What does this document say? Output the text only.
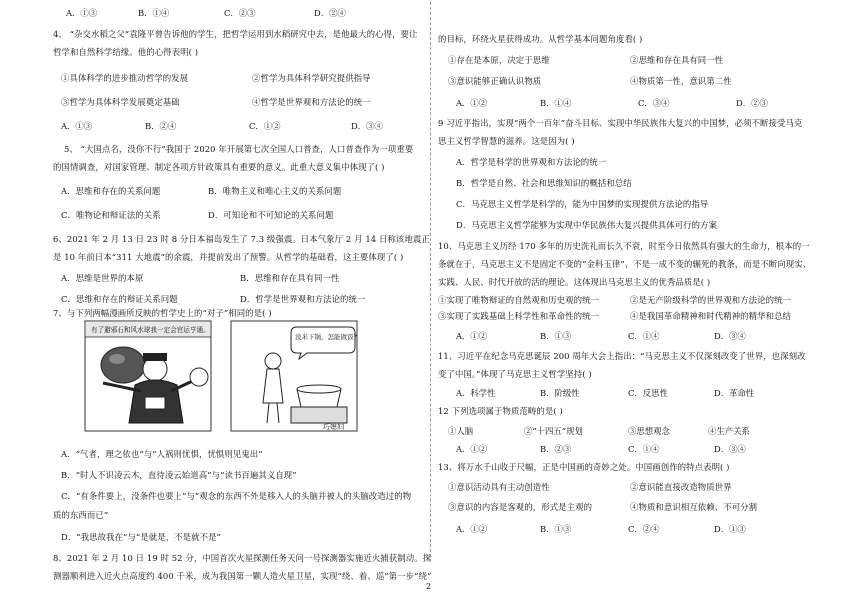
A．①③	B．①④	C．②③	D．②④
4、 “杂交水稻之父”袁隆平曾告诉他的学生，把哲学运用到水稻研究中去，是他最大的心得，要让
哲学和自然科学结缘。他的心得表明( )
①具体科学的进步推动哲学的发展	②哲学为具体科学研究提供指导
③哲学为具体科学发展奠定基础	④哲学是世界观和方法论的统一
A．①③	B．②④	C．①②	D．③④
5、 “大国点名，没你不行”我国于 2020 年开展第七次全国人口普查，人口普查作为一项重要
的国情调查，对国家管理、制定各项方针政策具有重要的意义。此重大意义集中体现了( )
A．思维和存在的关系问题	B．唯物主义和唯心主义的关系问题
C．唯物论和辩证法的关系	D．可知论和不可知论的关系问题
6、2021 年 2 月 13 日 23 时 8 分日本福岛发生了 7.3 级强震。日本气象厅 2 月 14 日称该地震正
是 10 年前日本“311 大地震”的余震，并提前发出了预警。从哲学的基础看，这主要体现了( )
A．思维是世界的本原	B．思维和存在具有同一性
C．思维和存在的辩证关系问题	D．哲学是世界观和方法论的统一
7、与下列两幅漫画所反映的哲学史上的“对子”相同的是( )
有了避邪石和风水球我一定会官运亨通。
没米下锅，怎能做饭?
巧媳妇
A．“气者，理之依也”与“人祸则忧惧，忧惧则见鬼出”
B．“时人不识凌云木，直待凌云始道高”与“读书百遍其义自现”
C．“有条件要上，没条件也要上”与“观念的东西不外是移入人的头脑并被人的头脑改造过的物
质的东西而已”
D．“我思故我在”与“是就是，不是就不是”
8、2021 年 2 月 10 日 19 时 52 分，中国首次火星探测任务天问一号探测器实施近火捕获制动。探
测器顺利进入近火点高度约 400 千米，成为我国第一颗人造火星卫星，实现“绕、着、巡”第一步“绕”
的目标，环绕火星获得成功。从哲学基本问题角度看( )
①存在是本原，决定于思维	②思维和存在具有同一性
③意识能够正确认识物质	④物质第一性，意识第二性
A．①②	B．①④	C．③④	D．②③
9 习近平指出，实现“两个一百年”奋斗目标、实现中华民族伟大复兴的中国梦，必须不断接受马克
思主义哲学智慧的滋养。这是因为( )
A．哲学是科学的世界观和方法论的统一
B．哲学是自然、社会和思维知识的概括和总结
C．马克思主义哲学是科学的，能为中国梦的实现提供方法论的指导
D．马克思主义哲学能够为实现中华民族伟大复兴提供具体可行的方案
10、马克思主义历经 170 多年的历史洗礼而长久不衰，时至今日依然具有强大的生命力，根本的一
条就在于，马克思主义不是固定不变的“金科玉律”、不是一成不变的辗死的教条，而是不断向现实、
实践、人民、时代开放的活的理论。这体现出马克思主义的优秀品质是( )
①实现了唯物辩证的自然观和历史观的统一	②是无产阶级科学的世界观和方法论的统一
③实现了实践基础上科学性和革命性的统一	④是我国革命精神和时代精神的精华和总结
A．①②	B．①③	C．①④	D．③④
11、习近平在纪念马克思诞辰 200 周年大会上指出：“马克思主义不仅深刻改变了世界，也深刻改
变了中国。”体现了马克思主义哲学坚持( )
A．科学性	B．阶级性	C．反思性	D．革命性
12 下列选项属于物质范畴的是( )
①人脑	②“十四五”规划	③思想观念	④生产关系
A．①②	B．②③	C．①④	D．③④
13、将万水千山收于尺幅，正是中国画的奇妙之处。中国画创作的特点表明( )
①意识活动具有主动创造性	②意识能直接改造物质世界
③意识的内容是客观的，形式是主观的	④物质和意识相互依赖、不可分割
A．①②	B．①③	C．②④	D．①③
2
